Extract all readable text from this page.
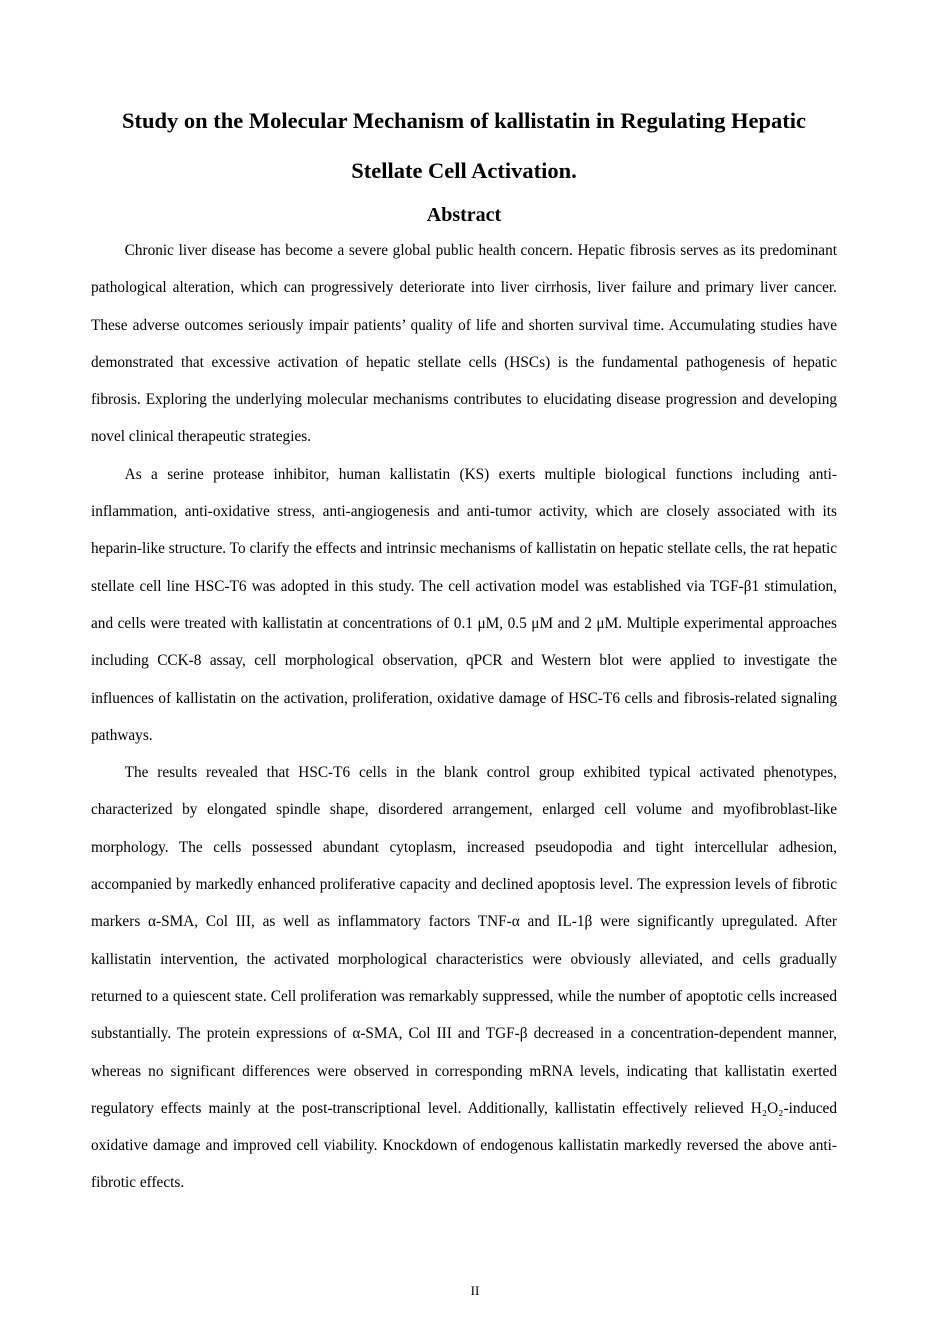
Study on the Molecular Mechanism of kallistatin in Regulating Hepatic
Stellate Cell Activation.
Abstract

Chronic liver disease has become a severe global public health concern. Hepatic fibrosis serves as its predominant pathological alteration, which can progressively deteriorate into liver cirrhosis, liver failure and primary liver cancer. These adverse outcomes seriously impair patients’ quality of life and shorten survival time. Accumulating studies have demonstrated that excessive activation of hepatic stellate cells (HSCs) is the fundamental pathogenesis of hepatic fibrosis. Exploring the underlying molecular mechanisms contributes to elucidating disease progression and developing novel clinical therapeutic strategies.

As a serine protease inhibitor, human kallistatin (KS) exerts multiple biological functions including anti-inflammation, anti-oxidative stress, anti-angiogenesis and anti-tumor activity, which are closely associated with its heparin-like structure. To clarify the effects and intrinsic mechanisms of kallistatin on hepatic stellate cells, the rat hepatic stellate cell line HSC-T6 was adopted in this study. The cell activation model was established via TGF-β1 stimulation, and cells were treated with kallistatin at concentrations of 0.1 μM, 0.5 μM and 2 μM. Multiple experimental approaches including CCK-8 assay, cell morphological observation, qPCR and Western blot were applied to investigate the influences of kallistatin on the activation, proliferation, oxidative damage of HSC-T6 cells and fibrosis-related signaling pathways.

The results revealed that HSC-T6 cells in the blank control group exhibited typical activated phenotypes, characterized by elongated spindle shape, disordered arrangement, enlarged cell volume and myofibroblast-like morphology. The cells possessed abundant cytoplasm, increased pseudopodia and tight intercellular adhesion, accompanied by markedly enhanced proliferative capacity and declined apoptosis level. The expression levels of fibrotic markers α-SMA, Col III, as well as inflammatory factors TNF-α and IL-1β were significantly upregulated. After kallistatin intervention, the activated morphological characteristics were obviously alleviated, and cells gradually returned to a quiescent state. Cell proliferation was remarkably suppressed, while the number of apoptotic cells increased substantially. The protein expressions of α-SMA, Col III and TGF-β decreased in a concentration-dependent manner, whereas no significant differences were observed in corresponding mRNA levels, indicating that kallistatin exerted regulatory effects mainly at the post-transcriptional level. Additionally, kallistatin effectively relieved H₂O₂-induced oxidative damage and improved cell viability. Knockdown of endogenous kallistatin markedly reversed the above anti-fibrotic effects.

II
